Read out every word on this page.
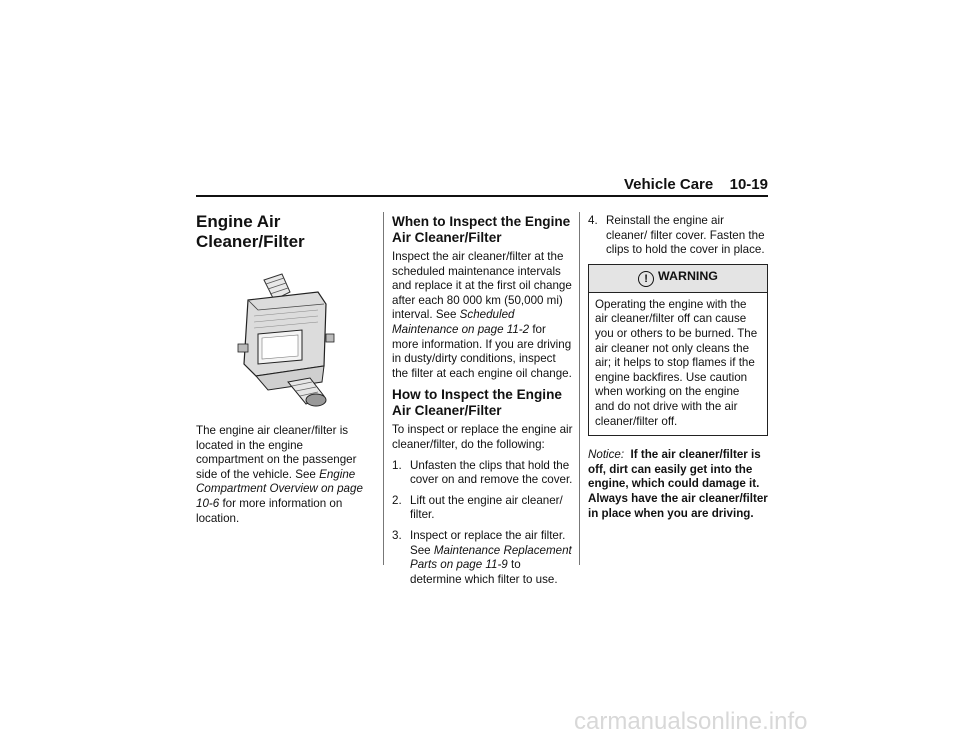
Vehicle Care 10-19
Engine Air Cleaner/Filter

The engine air cleaner/filter is located in the engine compartment on the passenger side of the vehicle. See Engine Compartment Overview on page 10-6 for more information on location.

When to Inspect the Engine Air Cleaner/Filter

Inspect the air cleaner/filter at the scheduled maintenance intervals and replace it at the first oil change after each 80 000 km (50,000 mi) interval. See Scheduled Maintenance on page 11-2 for more information. If you are driving in dusty/dirty conditions, inspect the filter at each engine oil change.

How to Inspect the Engine Air Cleaner/Filter

To inspect or replace the engine air cleaner/filter, do the following:

1. Unfasten the clips that hold the cover on and remove the cover.
2. Lift out the engine air cleaner/ filter.
3. Inspect or replace the air filter. See Maintenance Replacement Parts on page 11-9 to determine which filter to use.
4. Reinstall the engine air cleaner/ filter cover. Fasten the clips to hold the cover in place.
! WARNING
Operating the engine with the air cleaner/filter off can cause you or others to be burned. The air cleaner not only cleans the air; it helps to stop flames if the engine backfires. Use caution when working on the engine and do not drive with the air cleaner/filter off.

Notice: If the air cleaner/filter is off, dirt can easily get into the engine, which could damage it. Always have the air cleaner/filter in place when you are driving.

carmanualsonline.info
